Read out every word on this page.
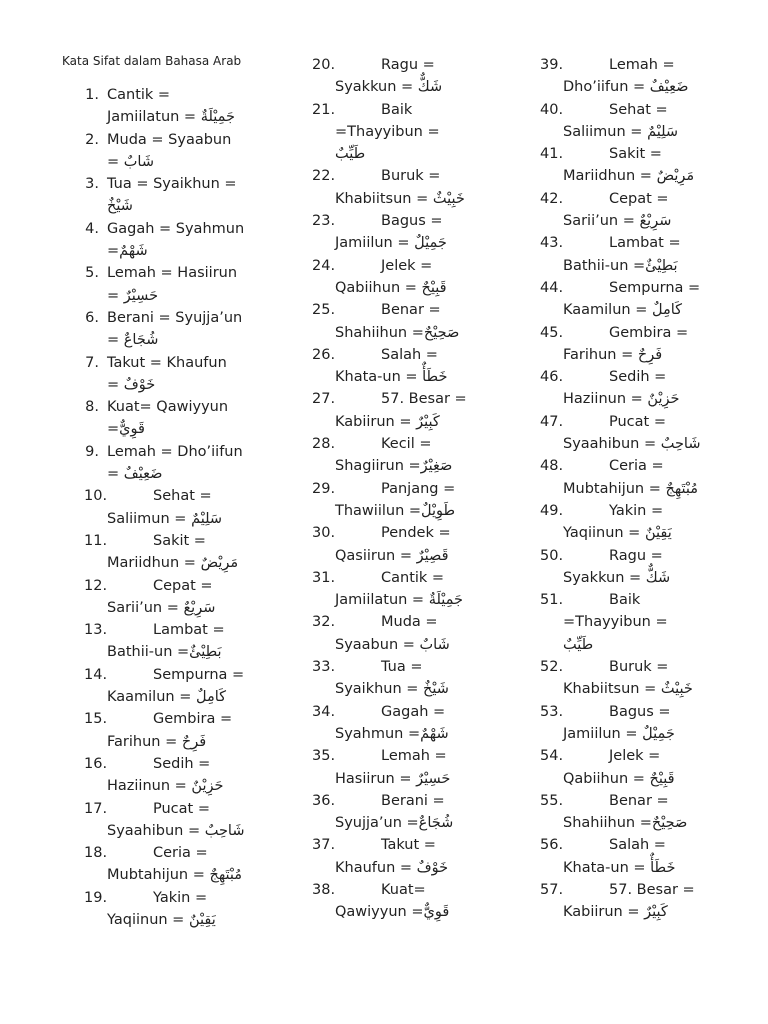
Kata Sifat dalam Bahasa Arab
1. Cantik =
Jamiilatun = جَمِيْلَةٌ
2. Muda = Syaabun
= شَابٌ
3. Tua = Syaikhun =
شَيْخٌ
4. Gagah = Syahmun
=شَهْمٌ
5. Lemah = Hasiirun
= حَسِيْرٌ
6. Berani = Syujja’un
= شُجَاعٌ
7. Takut = Khaufun
= خَوْفٌ
8. Kuat= Qawiyyun
=قَوِيٌّ
9. Lemah = Dho’iifun
= ضَعِيْفٌ
10.	Sehat =
Saliimun = سَلِيْمٌ
11.	Sakit =
Mariidhun = مَرِيْضٌ
12.	Cepat =
Sarii’un = سَرِيْعٌ
13.	Lambat =
Bathii-un =بَطِيْئٌ
14.	Sempurna =
Kaamilun = كَامِلٌ
15.	Gembira =
Farihun = فَرِحٌ
16.	Sedih =
Haziinun = حَزِيْنٌ
17.	Pucat =
Syaahibun = شَاحِبٌ
18.	Ceria =
Mubtahijun = مُبْتَهِجٌ
19.	Yakin =
Yaqiinun = يَقِيْنٌ
20.	Ragu =
Syakkun = شَكٌّ
21.	Baik
=Thayyibun =
طَيِّبٌ
22.	Buruk =
Khabiitsun = خَبِيْثٌ
23.	Bagus =
Jamiilun = جَمِيْلٌ
24.	Jelek =
Qabiihun = قَبِيْحٌ
25.	Benar =
Shahiihun =صَحِيْحٌ
26.	Salah =
Khata-un = خَطَأٌ
27.	57. Besar =
Kabiirun = كَبِيْرٌ
28.	Kecil =
Shagiirun =صَغِيْرٌ
29.	Panjang =
Thawiilun =طَوِيْلٌ
30.	Pendek =
Qasiirun = قَصِيْرٌ
31.	Cantik =
Jamiilatun = جَمِيْلَةٌ
32.	Muda =
Syaabun = شَابٌ
33.	Tua =
Syaikhun = شَيْخٌ
34.	Gagah =
Syahmun =شَهْمٌ
35.	Lemah =
Hasiirun = حَسِيْرٌ
36.	Berani =
Syujja’un =شُجَاعٌ
37.	Takut =
Khaufun = خَوْفٌ
38.	Kuat=
Qawiyyun =قَوِيٌّ
39.	Lemah =
Dho’iifun = ضَعِيْفٌ
40.	Sehat =
Saliimun = سَلِيْمٌ
41.	Sakit =
Mariidhun = مَرِيْضٌ
42.	Cepat =
Sarii’un = سَرِيْعٌ
43.	Lambat =
Bathii-un =بَطِيْئٌ
44.	Sempurna =
Kaamilun = كَامِلٌ
45.	Gembira =
Farihun = فَرِحٌ
46.	Sedih =
Haziinun = حَزِيْنٌ
47.	Pucat =
Syaahibun = شَاحِبٌ
48.	Ceria =
Mubtahijun = مُبْتَهِجٌ
49.	Yakin =
Yaqiinun = يَقِيْنٌ
50.	Ragu =
Syakkun = شَكٌّ
51.	Baik
=Thayyibun =
طَيِّبٌ
52.	Buruk =
Khabiitsun = خَبِيْثٌ
53.	Bagus =
Jamiilun = جَمِيْلٌ
54.	Jelek =
Qabiihun = قَبِيْحٌ
55.	Benar =
Shahiihun =صَحِيْحٌ
56.	Salah =
Khata-un = خَطَأٌ
57.	57. Besar =
Kabiirun = كَبِيْرٌ
